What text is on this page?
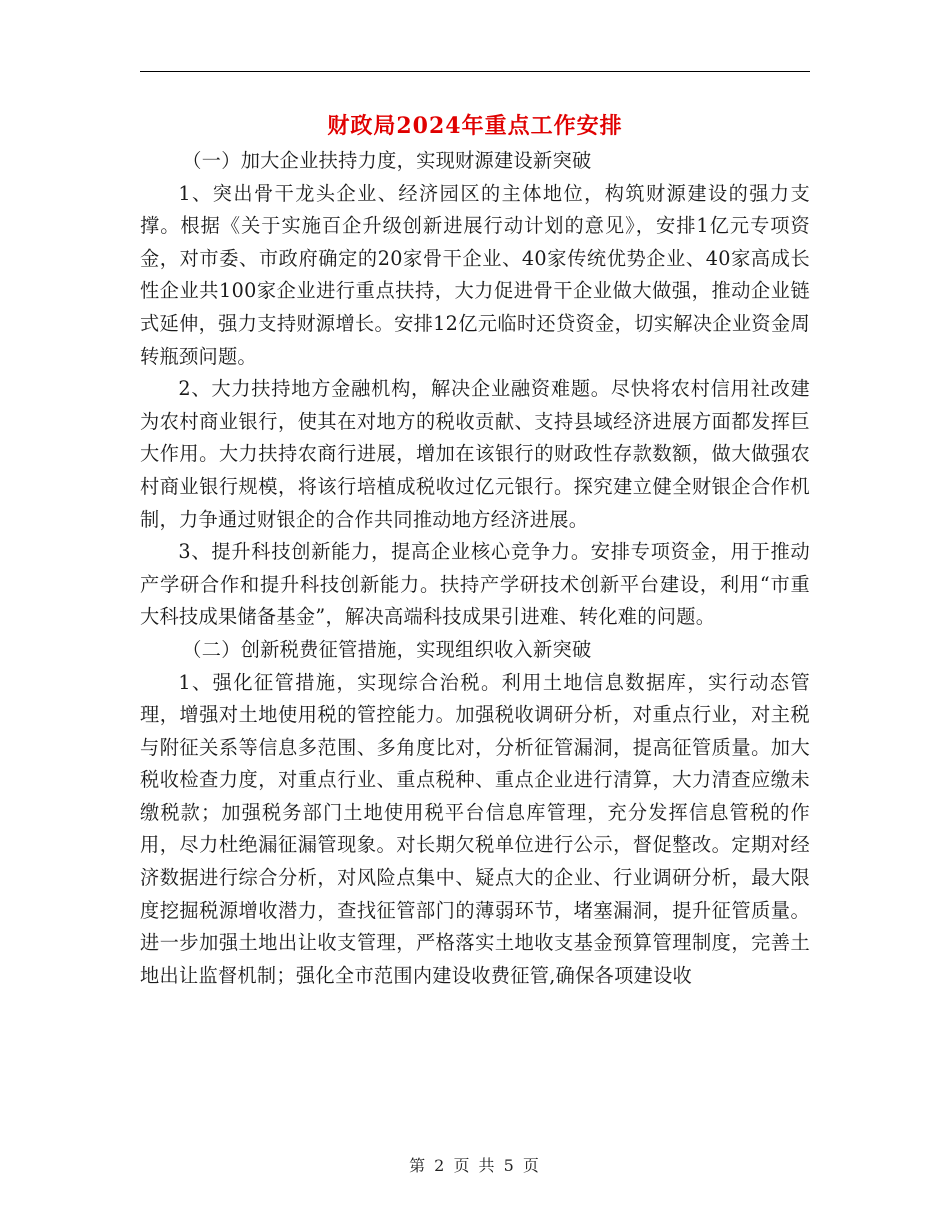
财政局2024年重点工作安排

（一）加大企业扶持力度，实现财源建设新突破

1、突出骨干龙头企业、经济园区的主体地位，构筑财源建设的强力支撑。根据《关于实施百企升级创新进展行动计划的意见》，安排1亿元专项资金，对市委、市政府确定的20家骨干企业、40家传统优势企业、40家高成长性企业共100家企业进行重点扶持，大力促进骨干企业做大做强，推动企业链式延伸，强力支持财源增长。安排12亿元临时还贷资金，切实解决企业资金周转瓶颈问题。

2、大力扶持地方金融机构，解决企业融资难题。尽快将农村信用社改建为农村商业银行，使其在对地方的税收贡献、支持县域经济进展方面都发挥巨大作用。大力扶持农商行进展，增加在该银行的财政性存款数额，做大做强农村商业银行规模，将该行培植成税收过亿元银行。探究建立健全财银企合作机制，力争通过财银企的合作共同推动地方经济进展。

3、提升科技创新能力，提高企业核心竞争力。安排专项资金，用于推动产学研合作和提升科技创新能力。扶持产学研技术创新平台建设，利用“市重大科技成果储备基金”，解决高端科技成果引进难、转化难的问题。

（二）创新税费征管措施，实现组织收入新突破

1、强化征管措施，实现综合治税。利用土地信息数据库，实行动态管理，增强对土地使用税的管控能力。加强税收调研分析，对重点行业，对主税与附征关系等信息多范围、多角度比对，分析征管漏洞，提高征管质量。加大税收检查力度，对重点行业、重点税种、重点企业进行清算，大力清查应缴未缴税款；加强税务部门土地使用税平台信息库管理，充分发挥信息管税的作用，尽力杜绝漏征漏管现象。对长期欠税单位进行公示，督促整改。定期对经济数据进行综合分析，对风险点集中、疑点大的企业、行业调研分析，最大限度挖掘税源增收潜力，查找征管部门的薄弱环节，堵塞漏洞，提升征管质量。进一步加强土地出让收支管理，严格落实土地收支基金预算管理制度，完善土地出让监督机制；强化全市范围内建设收费征管,确保各项建设收

第 2 页 共 5 页
